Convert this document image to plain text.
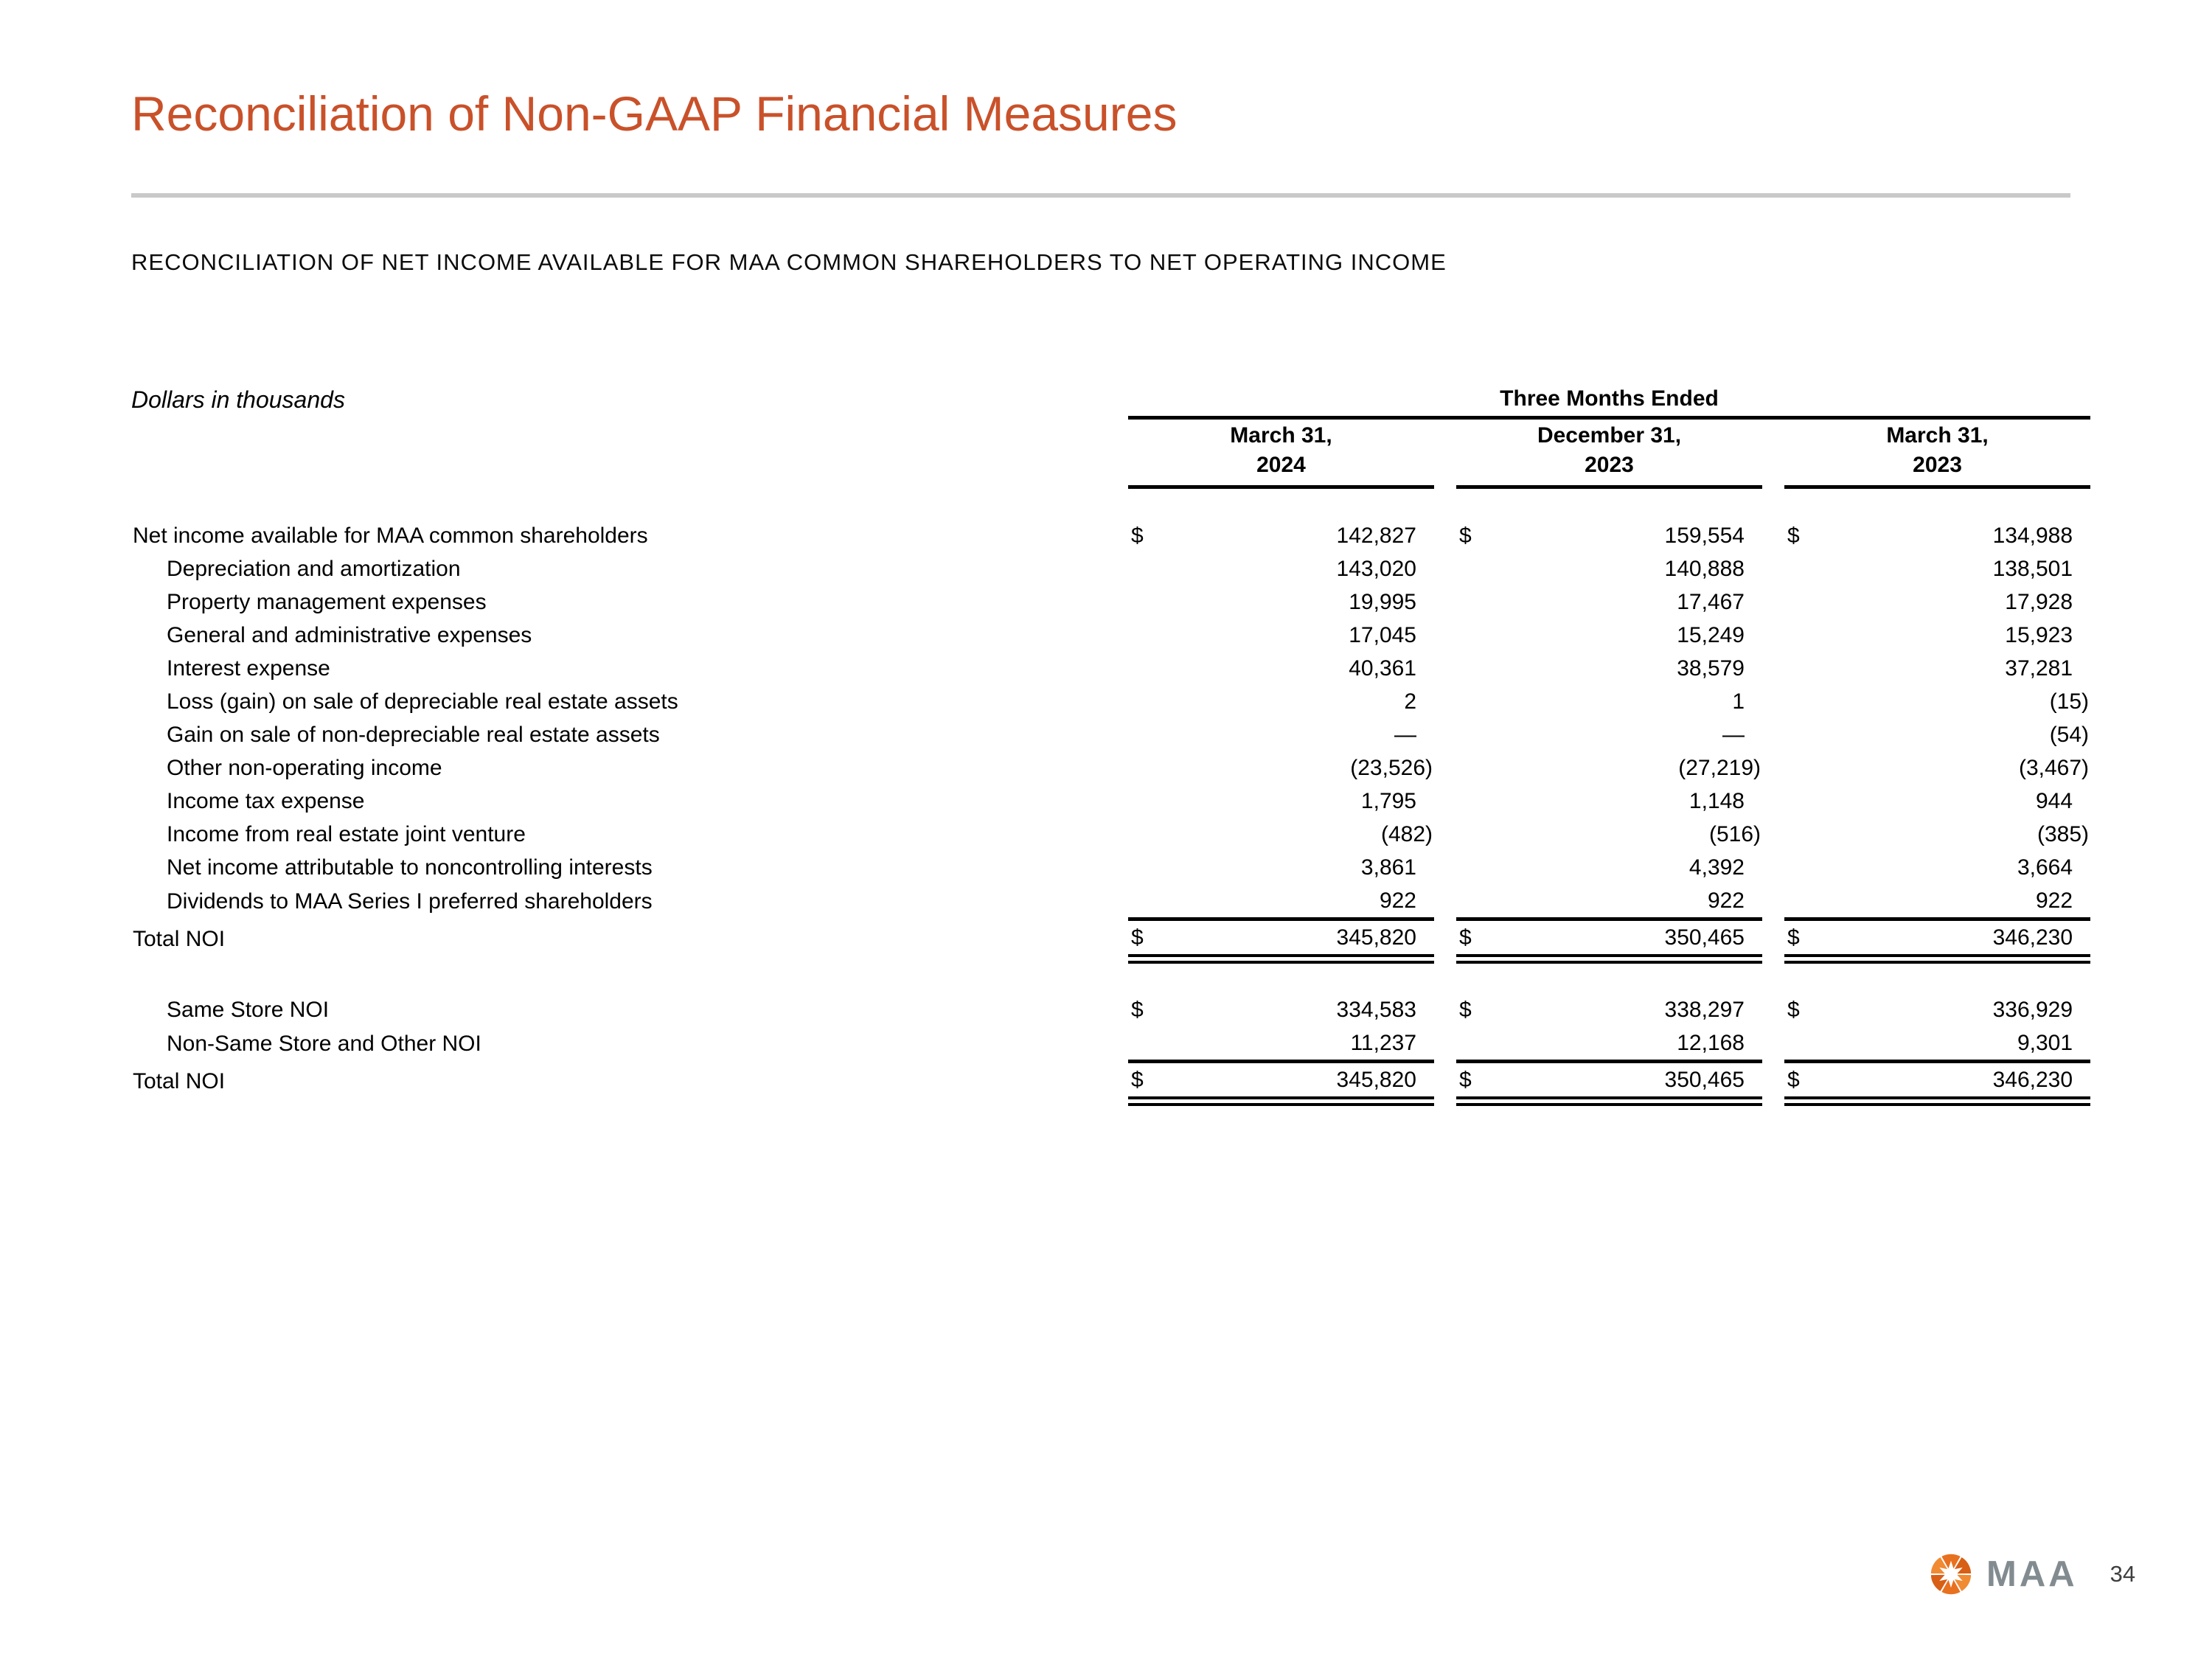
Reconciliation of Non-GAAP Financial Measures
RECONCILIATION OF NET INCOME AVAILABLE FOR MAA COMMON SHAREHOLDERS TO NET OPERATING INCOME
Dollars in thousands	Three Months Ended				

March 31,
2024

December 31,
2023

March 31,
2023

Net income available for MAA common shareholders	$ 142,827		$ 159,554		$ 134,988
Depreciation and amortization	143,020		140,888		138,501
Property management expenses	19,995		17,467		17,928
General and administrative expenses	17,045		15,249		15,923
Interest expense	40,361		38,579		37,281
Loss (gain) on sale of depreciable real estate assets	2		1		(15)
Gain on sale of non-depreciable real estate assets	—		—		(54)
Other non-operating income	(23,526)		(27,219)		(3,467)
Income tax expense	1,795		1,148		944
Income from real estate joint venture	(482)		(516)		(385)
Net income attributable to noncontrolling interests	3,861		4,392		3,664
Dividends to MAA Series I preferred shareholders	922		922		922
Total NOI	$ 345,820		$ 350,465		$ 346,230

Same Store NOI	$ 334,583		$ 338,297		$ 336,929
Non-Same Store and Other NOI	11,237		12,168		9,301
Total NOI	$ 345,820		$ 350,465		$ 346,230
MAA 34
